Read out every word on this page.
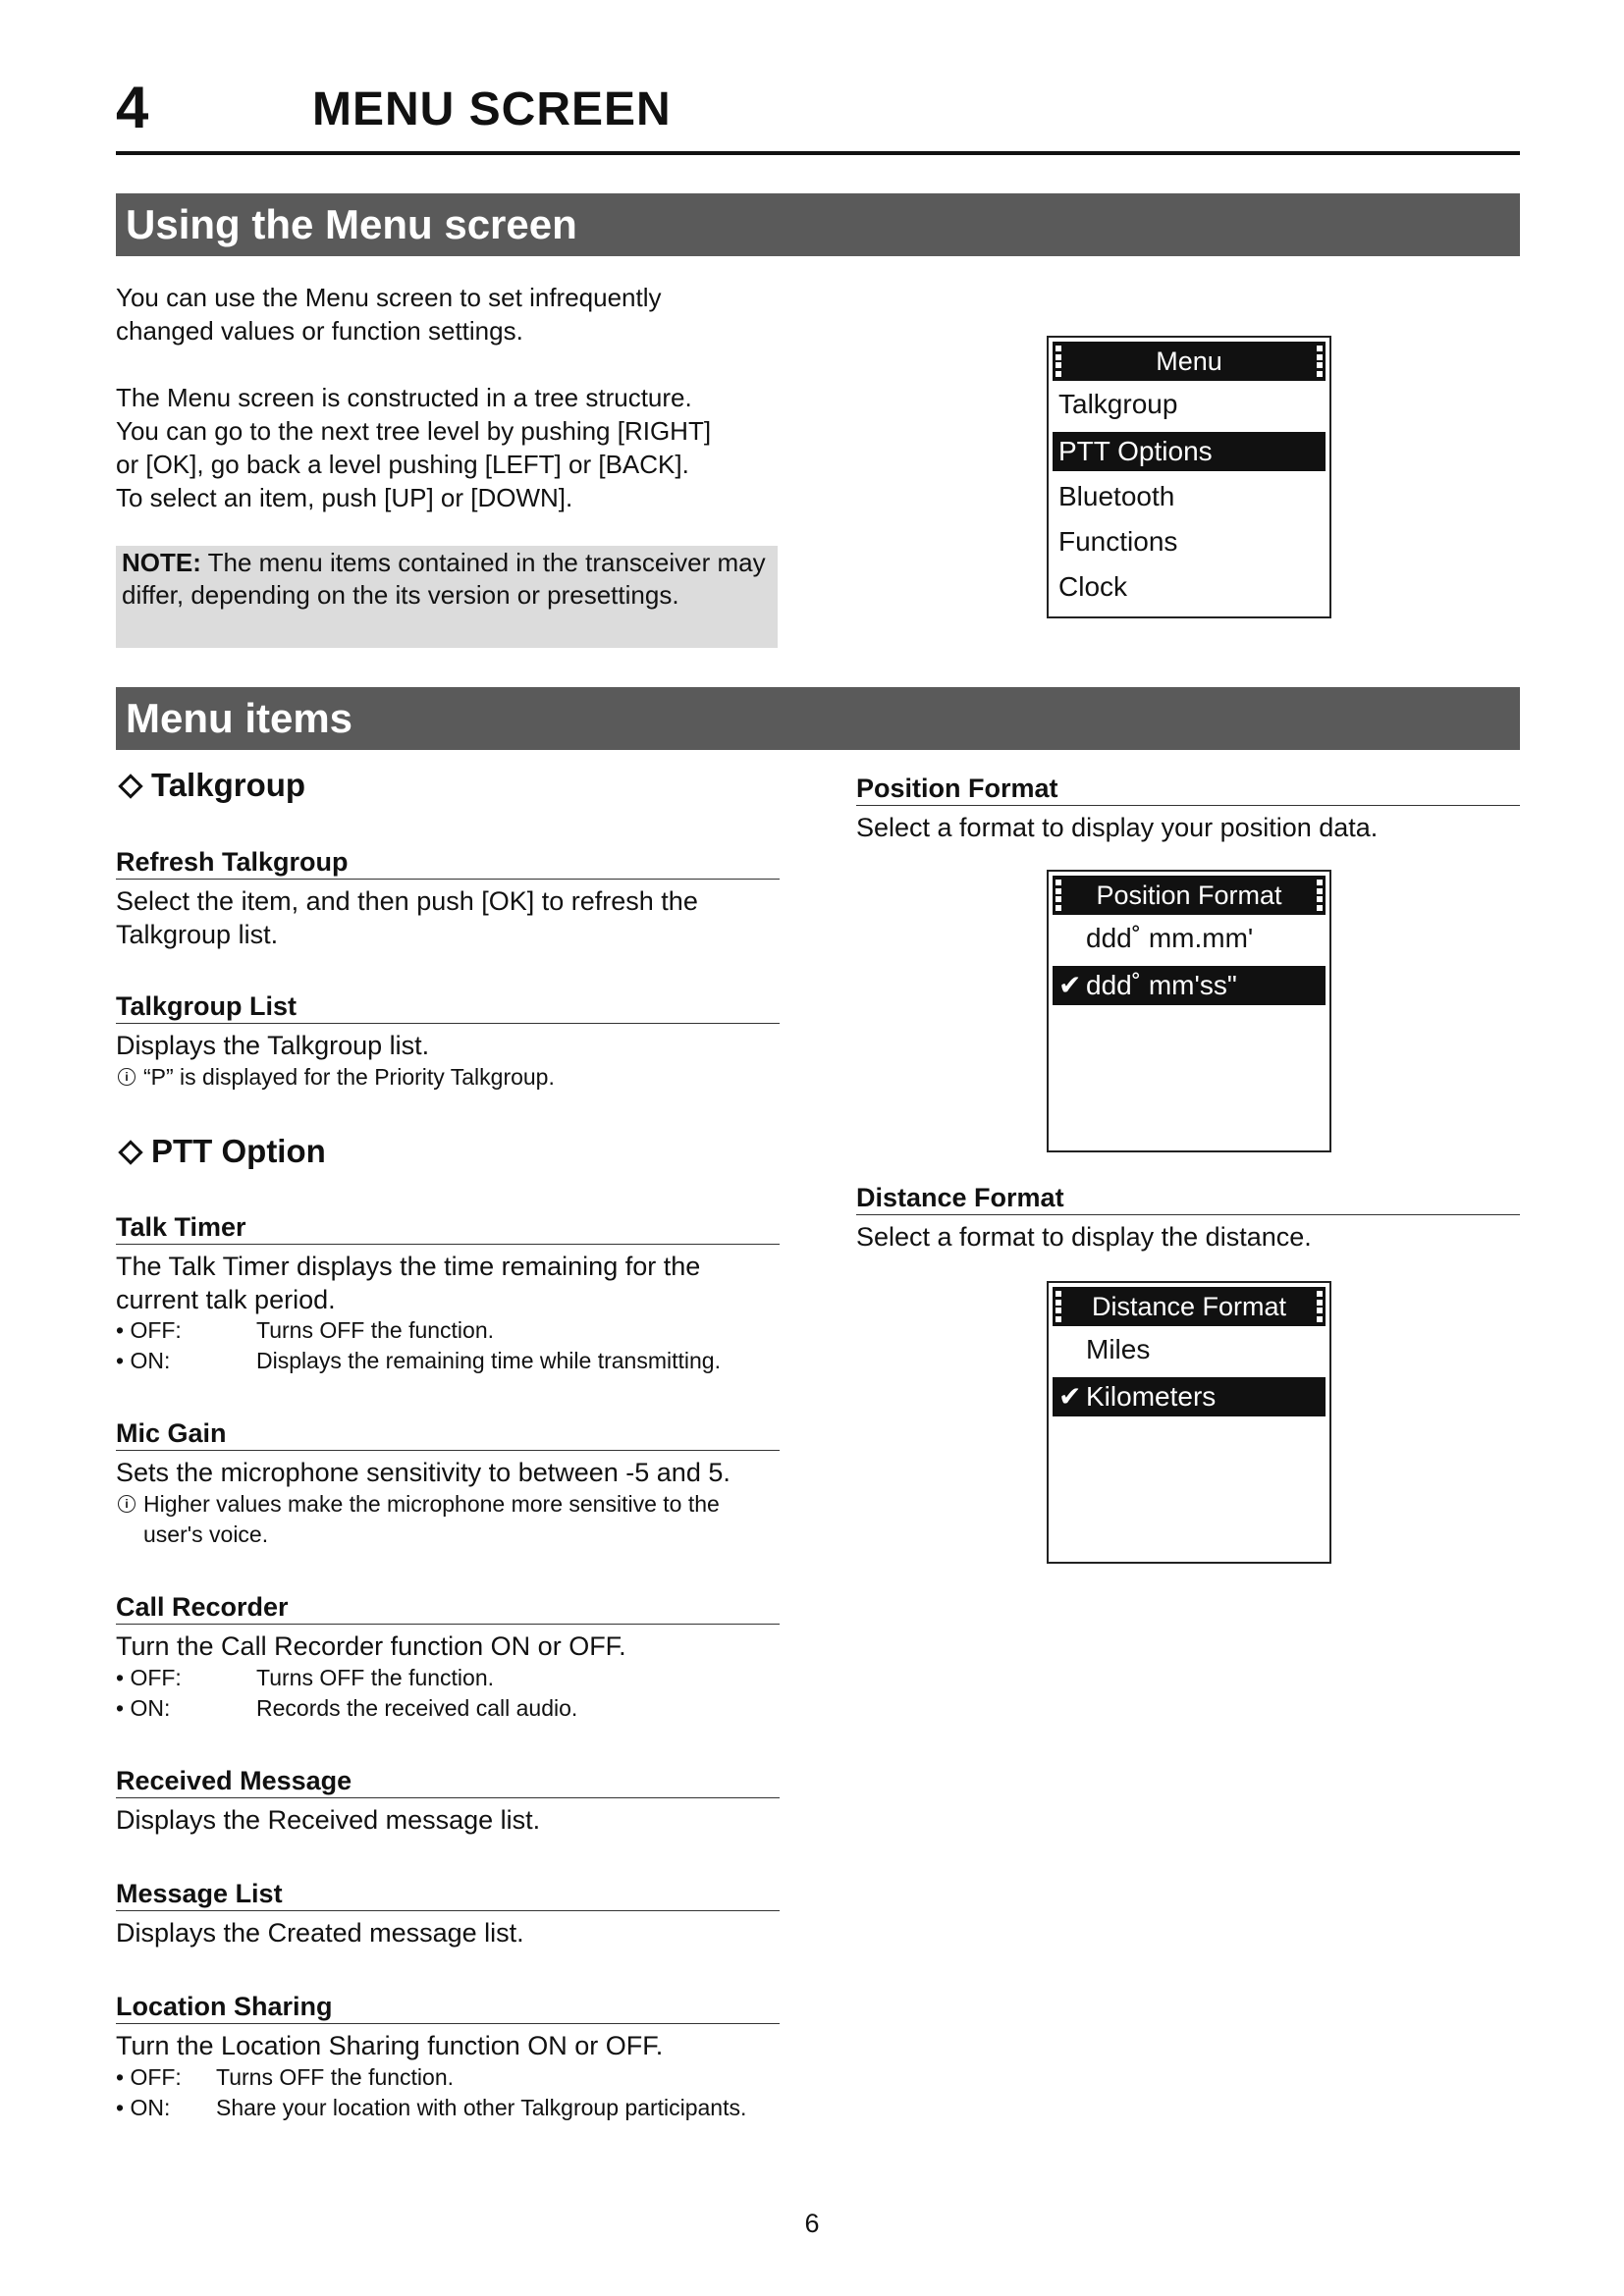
4	MENU SCREEN
Using the Menu screen

You can use the Menu screen to set infrequently changed values or function settings.

The Menu screen is constructed in a tree structure.
You can go to the next tree level by pushing [RIGHT]
or [OK], go back a level pushing [LEFT] or [BACK].
To select an item, push [UP] or [DOWN].

NOTE: The menu items contained in the transceiver may differ, depending on the its version or presettings.
Menu
Talkgroup
PTT Options
Bluetooth
Functions
Clock
Menu items
Talkgroup
Refresh Talkgroup
Select the item, and then push [OK] to refresh the Talkgroup list.
Talkgroup List
Displays the Talkgroup list.
i “P” is displayed for the Priority Talkgroup.
PTT Option
Talk Timer
The Talk Timer displays the time remaining for the current talk period.
• OFF:	Turns OFF the function.
• ON:	Displays the remaining time while transmitting.
Mic Gain
Sets the microphone sensitivity to between -5 and 5.
i Higher values make the microphone more sensitive to the user's voice.
Call Recorder
Turn the Call Recorder function ON or OFF.
• OFF:	Turns OFF the function.
• ON:	Records the received call audio.
Received Message
Displays the Received message list.
Message List
Displays the Created message list.
Location Sharing
Turn the Location Sharing function ON or OFF.
• OFF:	Turns OFF the function.
• ON:	Share your location with other Talkgroup participants.
Position Format
Select a format to display your position data.
Position Format
ddd˚ mm.mm'
✔ ddd˚ mm'ss"
Distance Format
Select a format to display the distance.
Distance Format
Miles
✔ Kilometers
6
